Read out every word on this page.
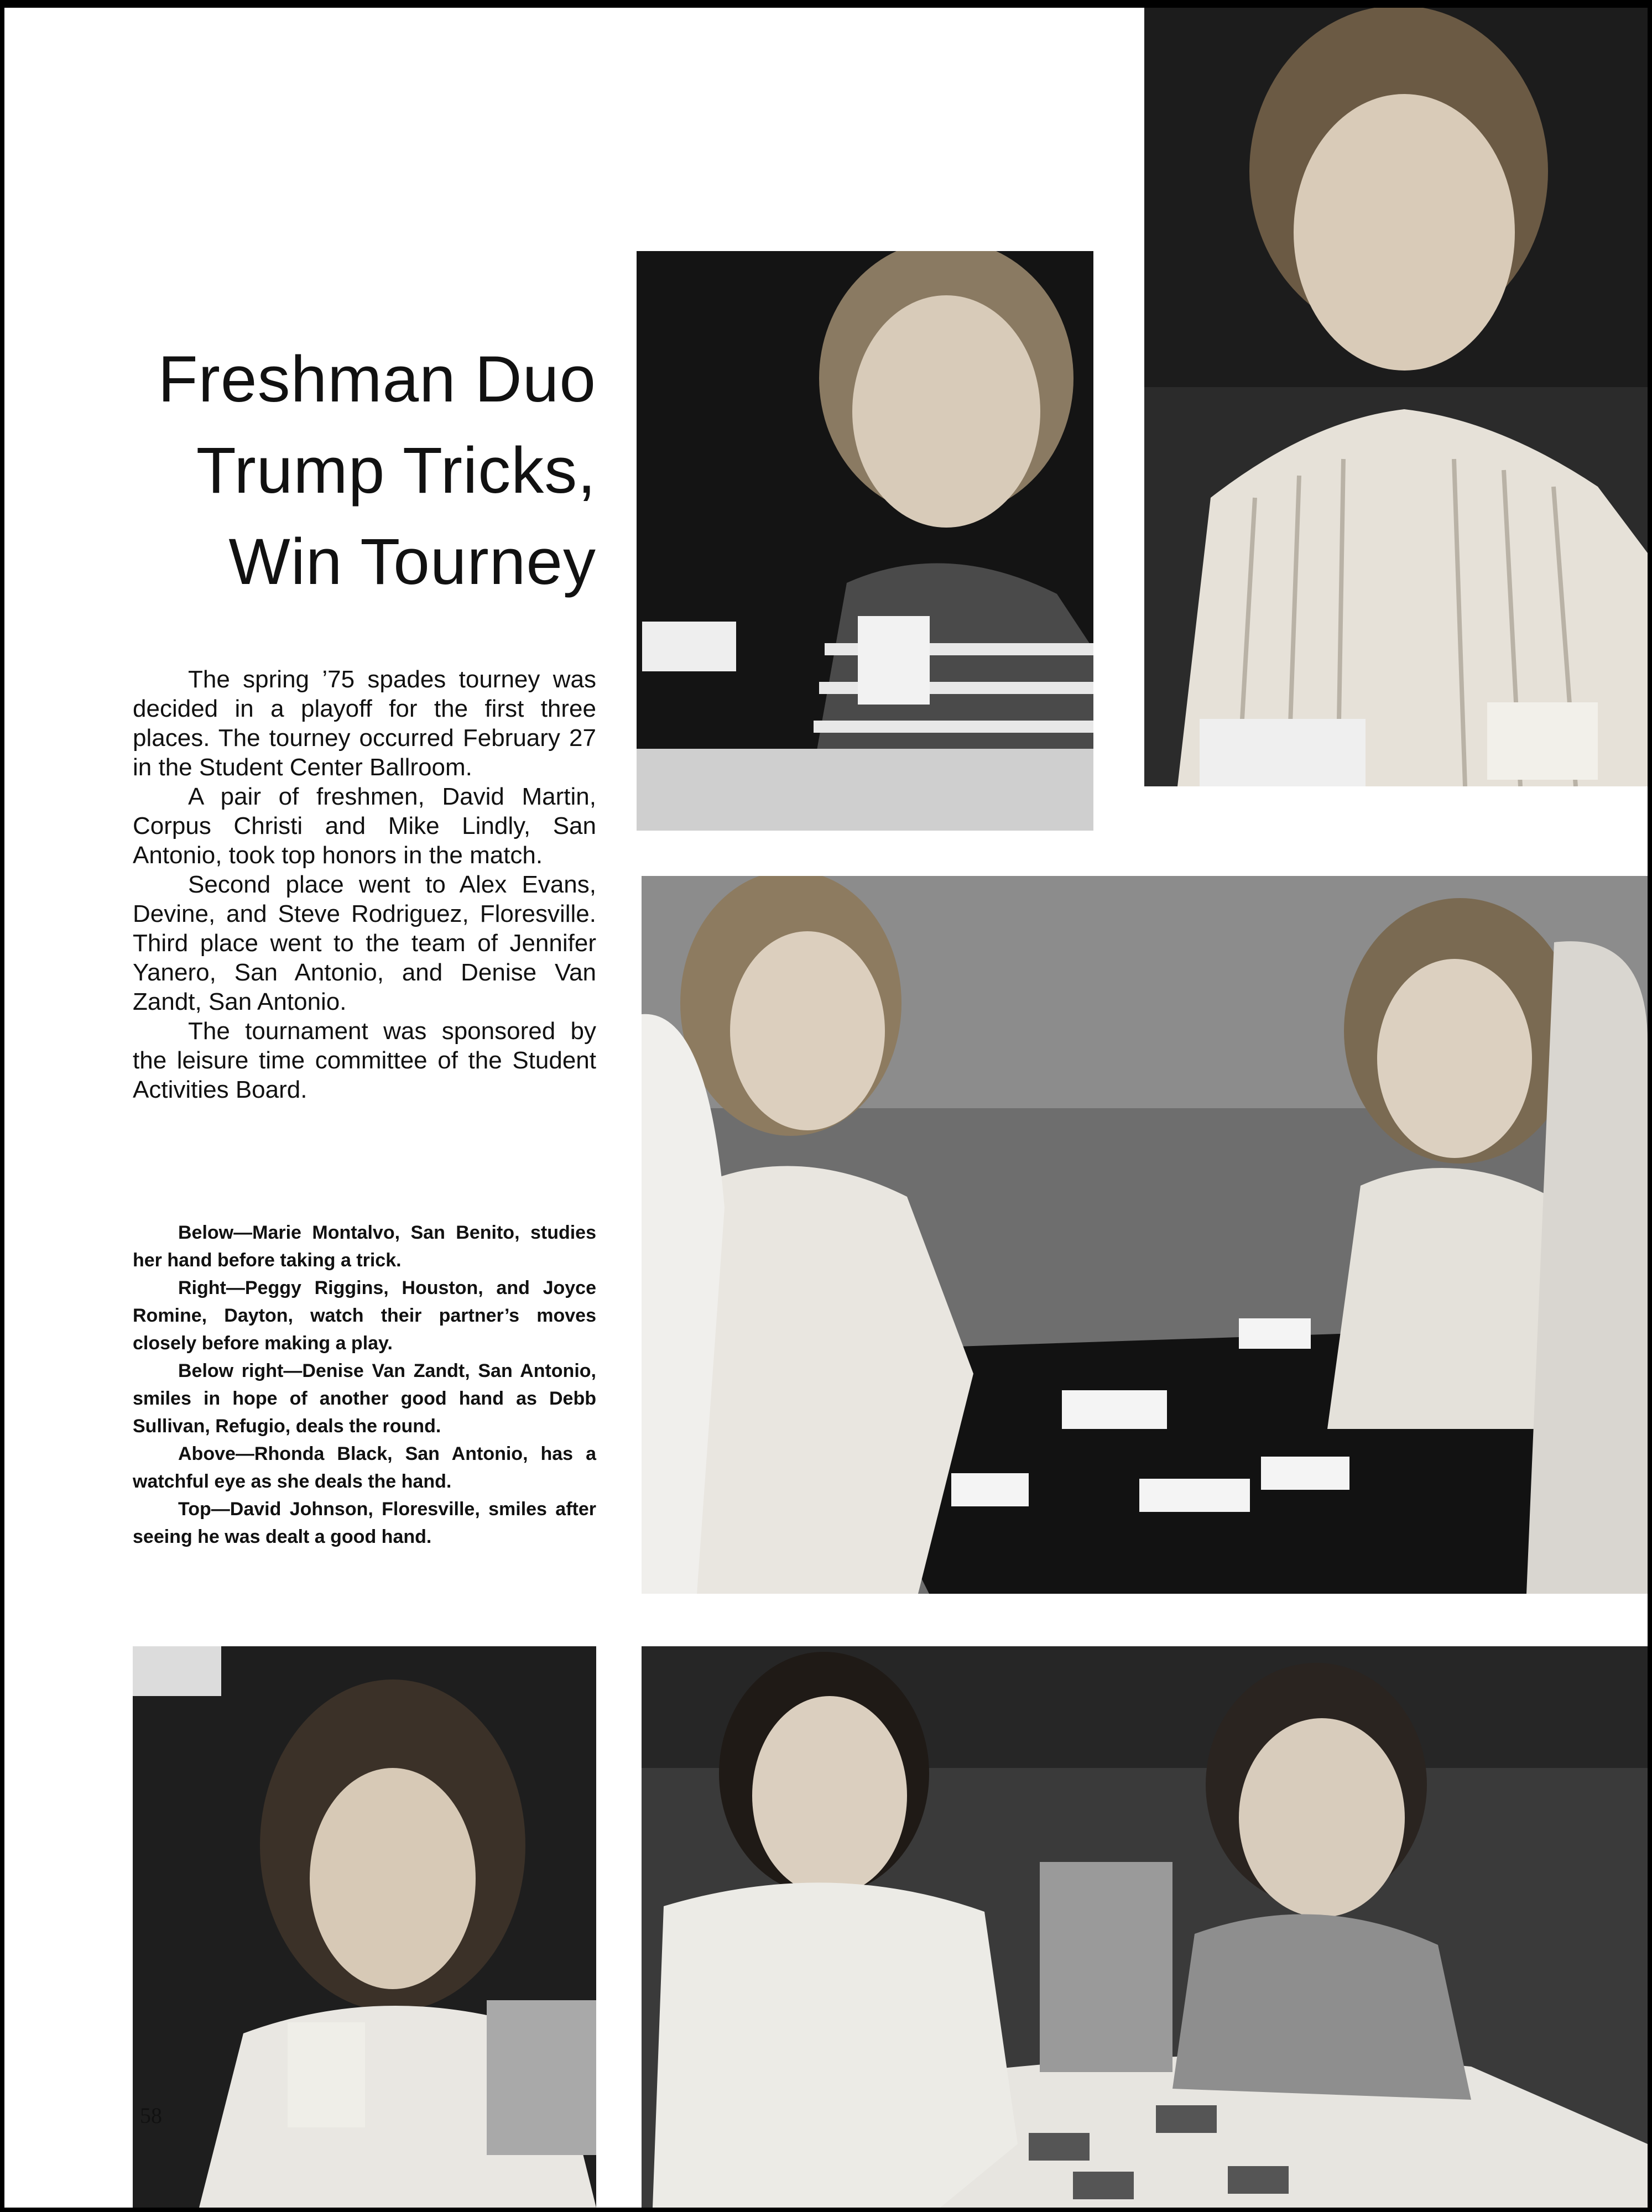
Freshman Duo
Trump Tricks,
Win Tourney

The spring ’75 spades tourney was decided in a playoff for the first three places. The tourney occurred February 27 in the Student Center Ballroom.

A pair of freshmen, David Martin, Corpus Christi and Mike Lindly, San Antonio, took top honors in the match.

Second place went to Alex Evans, Devine, and Steve Rodriguez, Floresville. Third place went to the team of Jennifer Yanero, San Antonio, and Denise Van Zandt, San Antonio.

The tournament was sponsored by the leisure time committee of the Student Activities Board.

Below—Marie Montalvo, San Benito, studies her hand before taking a trick.

Right—Peggy Riggins, Houston, and Joyce Romine, Dayton, watch their partner’s moves closely before making a play.

Below right—Denise Van Zandt, San Antonio, smiles in hope of another good hand as Debb Sullivan, Refugio, deals the round.

Above—Rhonda Black, San Antonio, has a watchful eye as she deals the hand.

Top—David Johnson, Floresville, smiles after seeing he was dealt a good hand.

58
